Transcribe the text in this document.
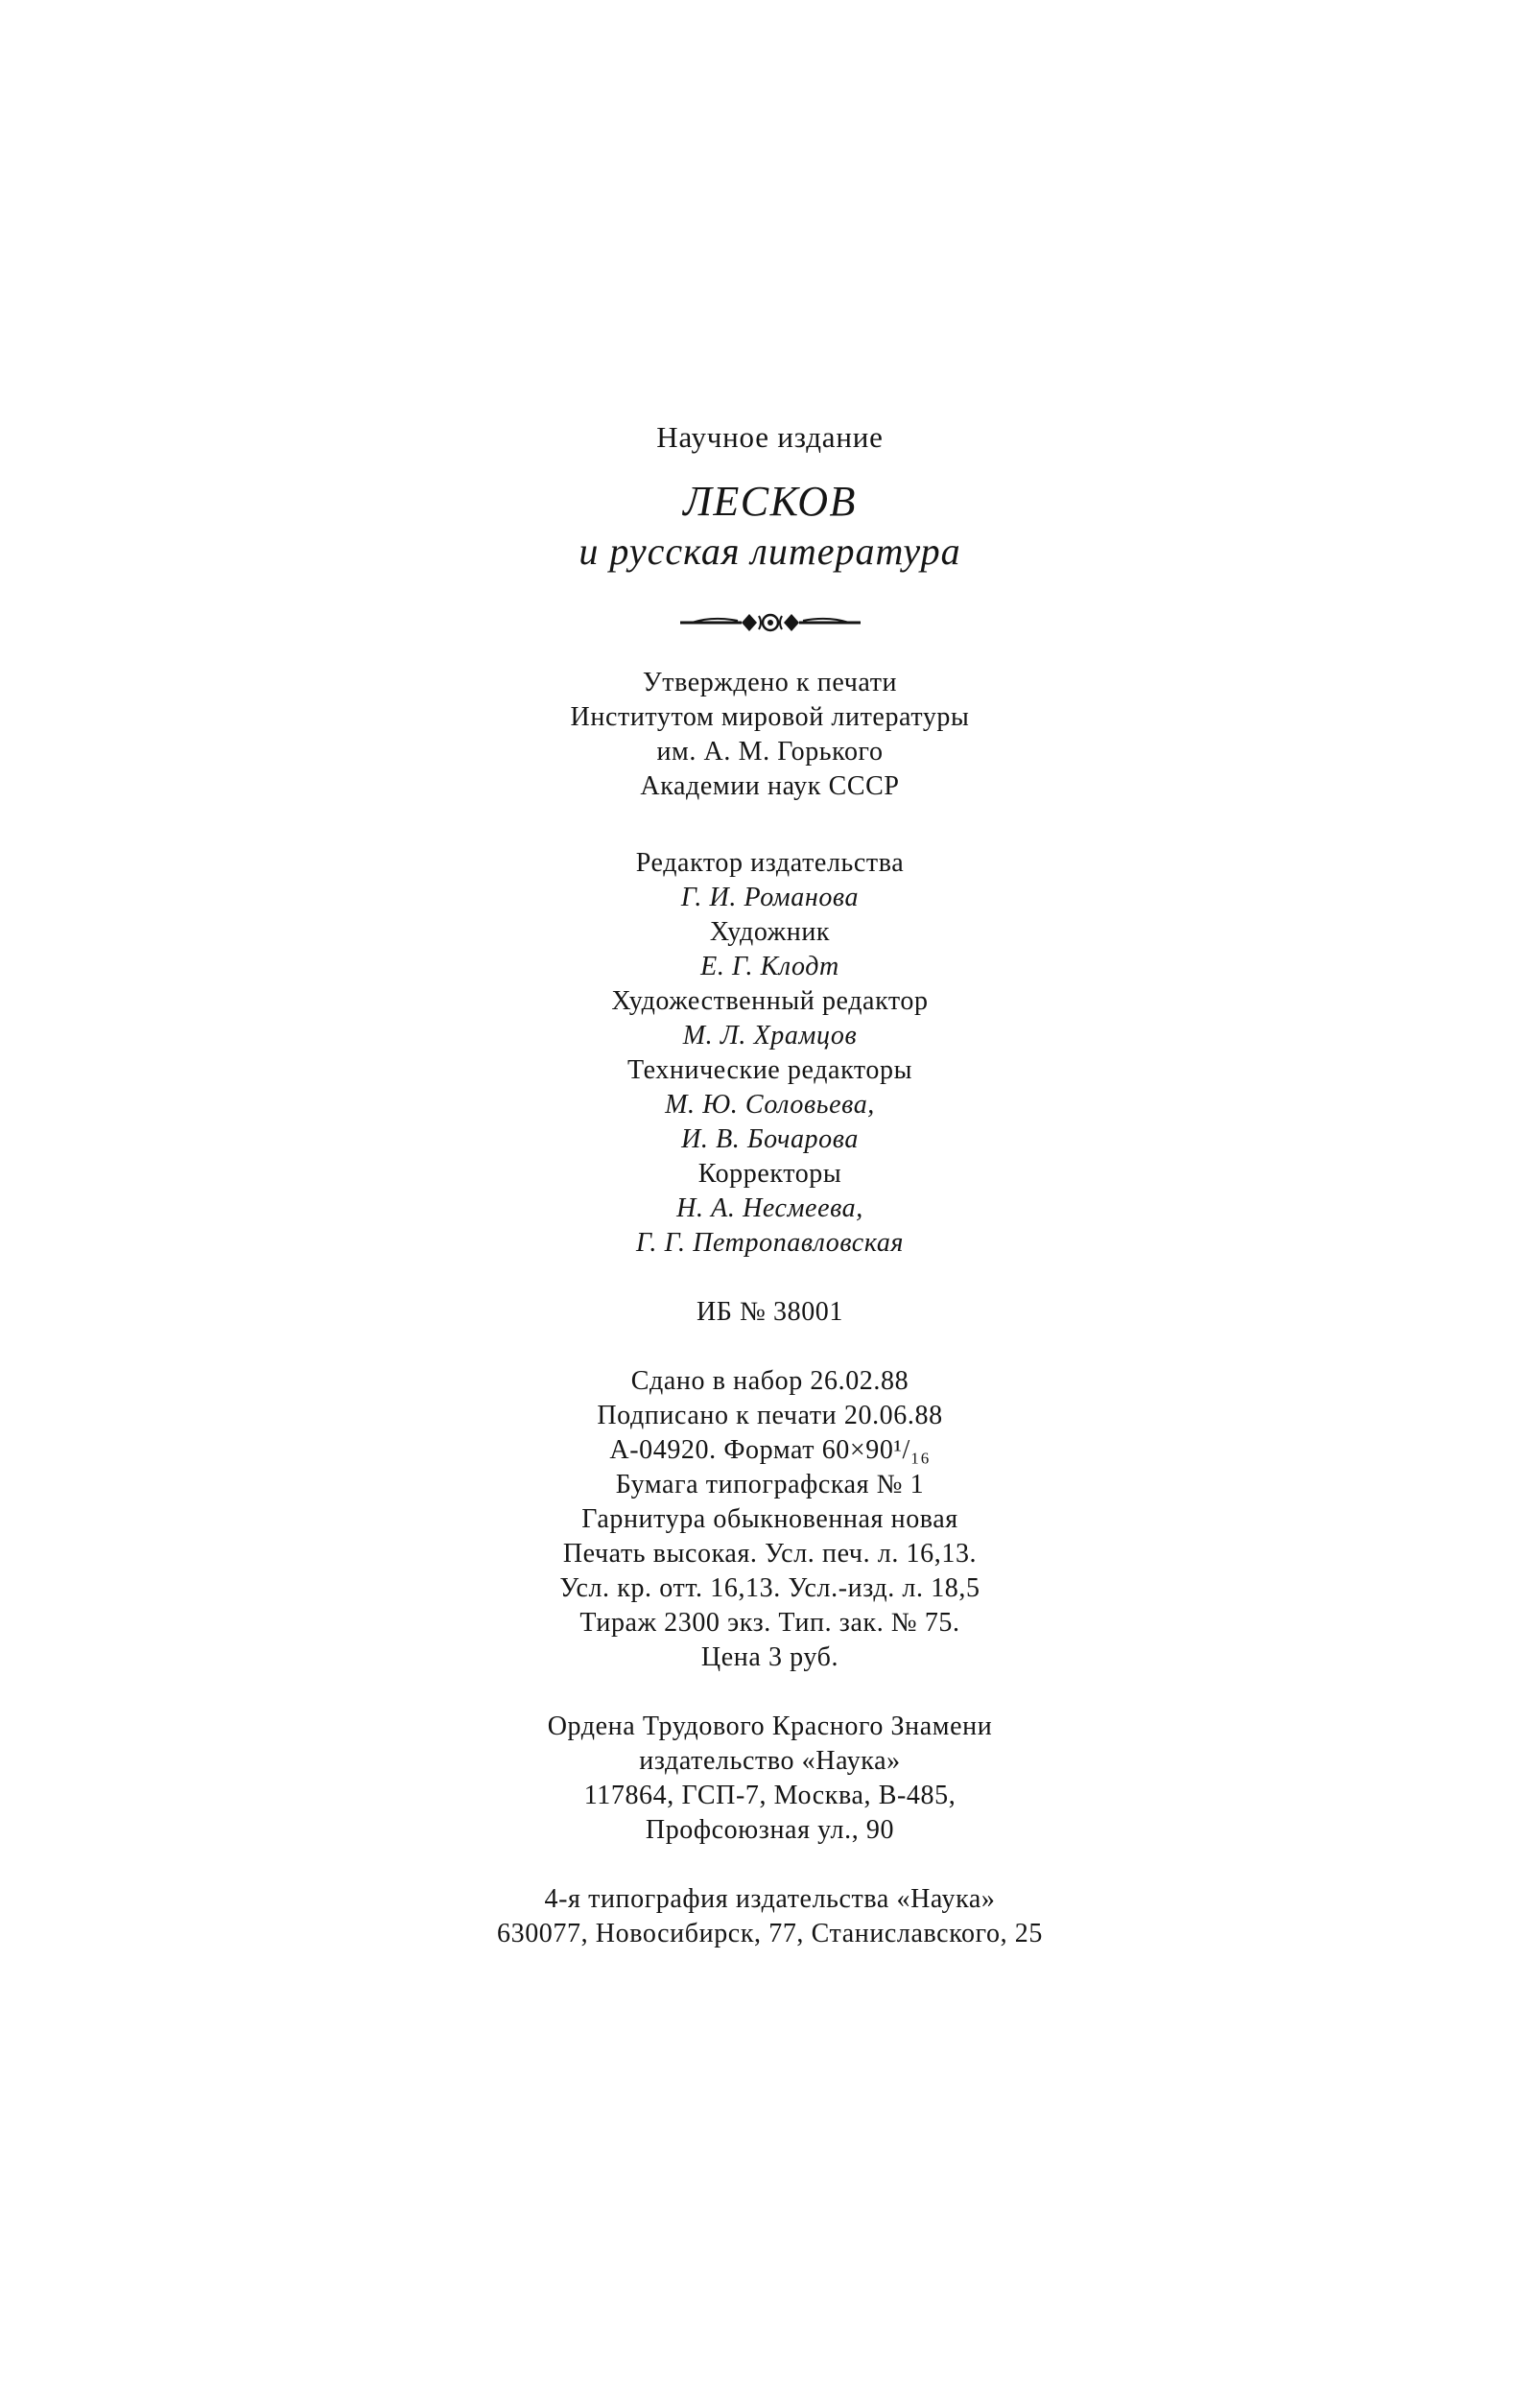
Научное издание
ЛЕСКОВ
и русская литература
Утверждено к печати
Институтом мировой литературы
им. А. М. Горького
Академии наук СССР
Редактор издательства
Г. И. Романова
Художник
Е. Г. Клодт
Художественный редактор
М. Л. Храмцов
Технические редакторы
М. Ю. Соловьева,
И. В. Бочарова
Корректоры
Н. А. Несмеева,
Г. Г. Петропавловская
ИБ № 38001
Сдано в набор 26.02.88
Подписано к печати 20.06.88
А-04920. Формат 60×90¹/₁₆
Бумага типографская № 1
Гарнитура обыкновенная новая
Печать высокая. Усл. печ. л. 16,13.
Усл. кр. отт. 16,13. Усл.-изд. л. 18,5
Тираж 2300 экз. Тип. зак. № 75.
Цена 3 руб.
Ордена Трудового Красного Знамени
издательство «Наука»
117864, ГСП-7, Москва, В-485,
Профсоюзная ул., 90
4-я типография издательства «Наука»
630077, Новосибирск, 77, Станиславского, 25
